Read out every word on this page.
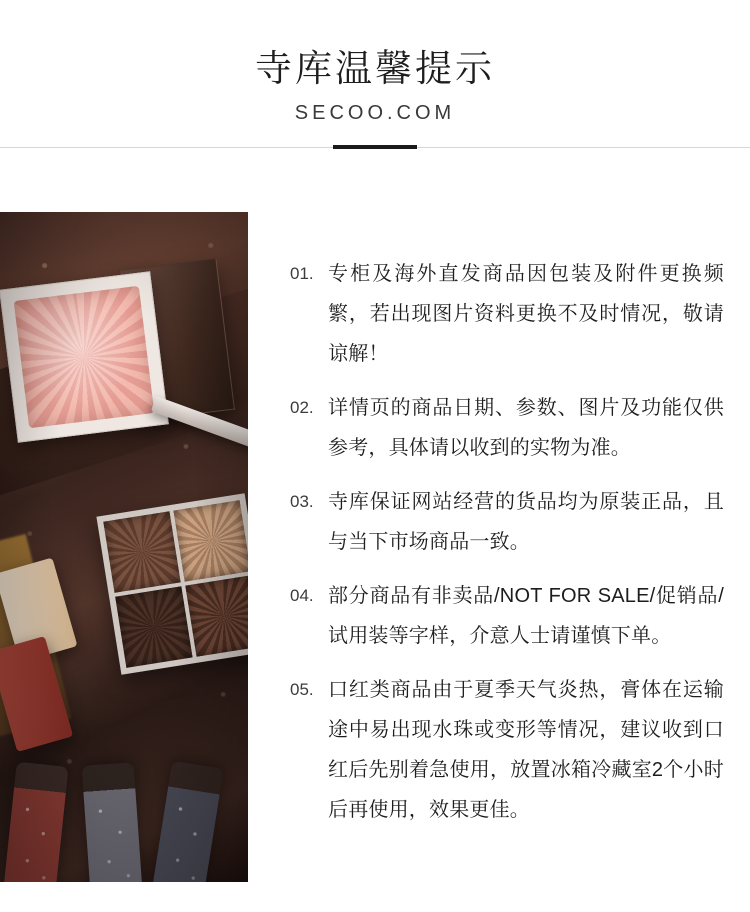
寺库温馨提示
SECOO.COM
01. 专柜及海外直发商品因包装及附件更换频繁，若出现图片资料更换不及时情况，敬请谅解！
02. 详情页的商品日期、参数、图片及功能仅供参考，具体请以收到的实物为准。
03. 寺库保证网站经营的货品均为原装正品，且与当下市场商品一致。
04. 部分商品有非卖品/NOT FOR SALE/促销品/试用装等字样，介意人士请谨慎下单。
05. 口红类商品由于夏季天气炎热，膏体在运输途中易出现水珠或变形等情况，建议收到口红后先别着急使用，放置冰箱冷藏室2个小时后再使用，效果更佳。
